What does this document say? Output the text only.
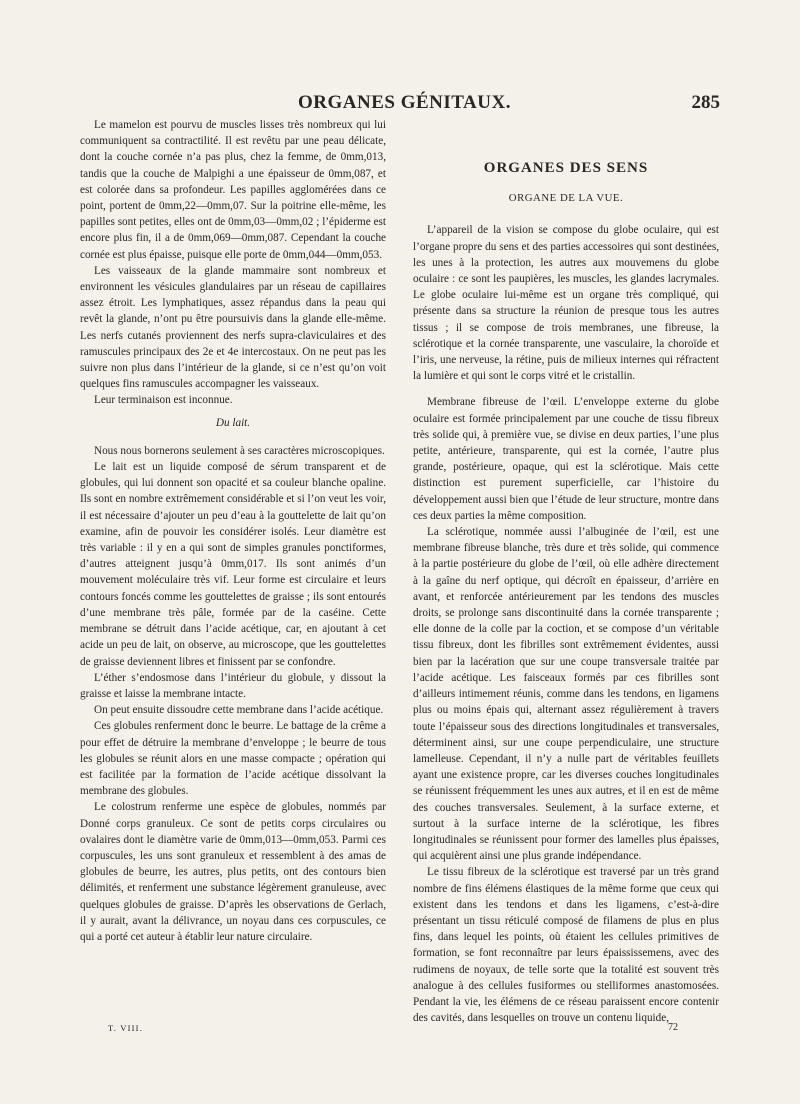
ORGANES GÉNITAUX.	285

Le mamelon est pourvu de muscles lisses très nombreux qui lui communiquent sa contractilité. Il est revêtu par une peau délicate, dont la couche cornée n’a pas plus, chez la femme, de 0mm,013, tandis que la couche de Malpighi a une épaisseur de 0mm,087, et est colorée dans sa profondeur. Les papilles agglomérées dans ce point, portent de 0mm,22—0mm,07. Sur la poitrine elle-même, les papilles sont petites, elles ont de 0mm,03—0mm,02 ; l’épiderme est encore plus fin, il a de 0mm,069—0mm,087. Cependant la couche cornée est plus épaisse, puisque elle porte de 0mm,044—0mm,053.

Les vaisseaux de la glande mammaire sont nombreux et environnent les vésicules glandulaires par un réseau de capillaires assez étroit. Les lymphatiques, assez répandus dans la peau qui revêt la glande, n’ont pu être poursuivis dans la glande elle-même. Les nerfs cutanés proviennent des nerfs supra-claviculaires et des ramuscules principaux des 2e et 4e intercostaux. On ne peut pas les suivre non plus dans l’intérieur de la glande, si ce n’est qu’on voit quelques fins ramuscules accompagner les vaisseaux.

Leur terminaison est inconnue.

Du lait.

Nous nous bornerons seulement à ses caractères microscopiques.

Le lait est un liquide composé de sérum transparent et de globules, qui lui donnent son opacité et sa couleur blanche opaline. Ils sont en nombre extrêmement considérable et si l’on veut les voir, il est nécessaire d’ajouter un peu d’eau à la gouttelette de lait qu’on examine, afin de pouvoir les considérer isolés. Leur diamètre est très variable : il y en a qui sont de simples granules ponctiformes, d’autres atteignent jusqu’à 0mm,017. Ils sont animés d’un mouvement moléculaire très vif. Leur forme est circulaire et leurs contours foncés comme les gouttelettes de graisse ; ils sont entourés d’une membrane très pâle, formée par de la caséine. Cette membrane se détruit dans l’acide acétique, car, en ajoutant à cet acide un peu de lait, on observe, au microscope, que les gouttelettes de graisse deviennent libres et finissent par se confondre.

L’éther s’endosmose dans l’intérieur du globule, y dissout la graisse et laisse la membrane intacte.

On peut ensuite dissoudre cette membrane dans l’acide acétique.

Ces globules renferment donc le beurre. Le battage de la crême a pour effet de détruire la membrane d’enveloppe ; le beurre de tous les globules se réunit alors en une masse compacte ; opération qui est facilitée par la formation de l’acide acétique dissolvant la membrane des globules.

Le colostrum renferme une espèce de globules, nommés par Donné corps granuleux. Ce sont de petits corps circulaires ou ovalaires dont le diamètre varie de 0mm,013—0mm,053. Parmi ces corpuscules, les uns sont granuleux et ressemblent à des amas de globules de beurre, les autres, plus petits, ont des contours bien délimités, et renferment une substance légèrement granuleuse, avec quelques globules de graisse. D’après les observations de Gerlach, il y aurait, avant la délivrance, un noyau dans ces corpuscules, ce qui a porté cet auteur à établir leur nature circulaire.

ORGANES DES SENS
ORGANE DE LA VUE.

L’appareil de la vision se compose du globe oculaire, qui est l’organe propre du sens et des parties accessoires qui sont destinées, les unes à la protection, les autres aux mouvemens du globe oculaire : ce sont les paupières, les muscles, les glandes lacrymales. Le globe oculaire lui-même est un organe très compliqué, qui présente dans sa structure la réunion de presque tous les autres tissus ; il se compose de trois membranes, une fibreuse, la sclérotique et la cornée transparente, une vasculaire, la choroïde et l’iris, une nerveuse, la rétine, puis de milieux internes qui réfractent la lumière et qui sont le corps vitré et le cristallin.

Membrane fibreuse de l’œil. L’enveloppe externe du globe oculaire est formée principalement par une couche de tissu fibreux très solide qui, à première vue, se divise en deux parties, l’une plus petite, antérieure, transparente, qui est la cornée, l’autre plus grande, postérieure, opaque, qui est la sclérotique. Mais cette distinction est purement superficielle, car l’histoire du développement aussi bien que l’étude de leur structure, montre dans ces deux parties la même composition.

La sclérotique, nommée aussi l’albuginée de l’œil, est une membrane fibreuse blanche, très dure et très solide, qui commence à la partie postérieure du globe de l’œil, où elle adhère directement à la gaîne du nerf optique, qui décroît en épaisseur, d’arrière en avant, et renforcée antérieurement par les tendons des muscles droits, se prolonge sans discontinuité dans la cornée transparente ; elle donne de la colle par la coction, et se compose d’un véritable tissu fibreux, dont les fibrilles sont extrêmement évidentes, aussi bien par la lacération que sur une coupe transversale traitée par l’acide acétique. Les faisceaux formés par ces fibrilles sont d’ailleurs intimement réunis, comme dans les tendons, en ligamens plus ou moins épais qui, alternant assez régulièrement à travers toute l’épaisseur sous des directions longitudinales et transversales, déterminent ainsi, sur une coupe perpendiculaire, une structure lamelleuse. Cependant, il n’y a nulle part de véritables feuillets ayant une existence propre, car les diverses couches longitudinales se réunissent fréquemment les unes aux autres, et il en est de même des couches transversales. Seulement, à la surface externe, et surtout à la surface interne de la sclérotique, les fibres longitudinales se réunissent pour former des lamelles plus épaisses, qui acquièrent ainsi une plus grande indépendance.

Le tissu fibreux de la sclérotique est traversé par un très grand nombre de fins élémens élastiques de la même forme que ceux qui existent dans les tendons et dans les ligamens, c’est-à-dire présentant un tissu réticulé composé de filamens de plus en plus fins, dans lequel les points, où étaient les cellules primitives de formation, se font reconnaître par leurs épaississemens, avec des rudimens de noyaux, de telle sorte que la totalité est souvent très analogue à des cellules fusiformes ou stelliformes anastomosées. Pendant la vie, les élémens de ce réseau paraissent encore contenir des cavités, dans lesquelles on trouve un contenu liquide,

T. VIII.	72
